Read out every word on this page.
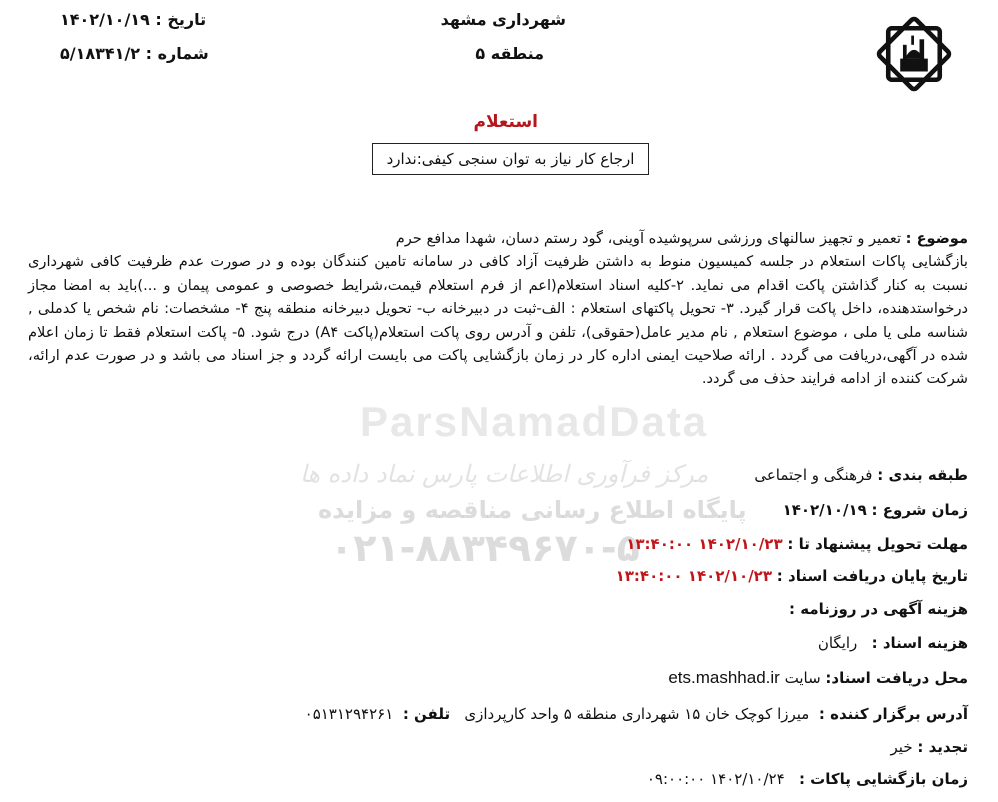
شهرداری مشهد
منطقه ۵
تاریخ : ۱۴۰۲/۱۰/۱۹
شماره : ۵/۱۸۳۴۱/۲
استعلام
ارجاع کار نیاز به توان سنجی کیفی:ندارد
ParsNamadData
مرکز فرآوری اطلاعات پارس نماد داده ها
پایگاه اطلاع رسانی مناقصه و مزایده
۰۲۱-۸۸۳۴۹۶۷۰-۵
موضوع : تعمیر و تجهیز سالنهای ورزشی سرپوشیده آوینی، گود رستم دسان، شهدا مدافع حرم
بازگشایی پاکات استعلام در جلسه کمیسیون منوط به داشتن ظرفیت آزاد کافی در سامانه تامین کنندگان بوده و در صورت عدم ظرفیت کافی شهرداری نسبت به کنار گذاشتن پاکت اقدام می نماید. ۲-کلیه اسناد استعلام(اعم از فرم استعلام قیمت،شرایط خصوصی و عمومی پیمان و ...)باید به امضا مجاز درخواستدهنده، داخل پاکت قرار گیرد. ۳- تحویل پاکتهای استعلام : الف-ثبت در دبیرخانه ب- تحویل دبیرخانه منطقه پنج ۴- مشخصات: نام شخص یا کدملی , شناسه ملی یا ملی ، موضوع استعلام , نام مدیر عامل(حقوقی)، تلفن و آدرس روی پاکت استعلام(پاکت A۴) درج شود. ۵- پاکت استعلام فقط تا زمان اعلام شده در آگهی،دریافت می گردد . ارائه صلاحیت ایمنی اداره کار در زمان بازگشایی پاکت می بایست ارائه گردد و جز اسناد می باشد و در صورت عدم ارائه، شرکت کننده از ادامه فرایند حذف می گردد.
طبقه بندی : فرهنگی و اجتماعی
زمان شروع : ۱۴۰۲/۱۰/۱۹
مهلت تحویل پیشنهاد تا : ۱۴۰۲/۱۰/۲۳ ۱۳:۴۰:۰۰
تاریخ پایان دریافت اسناد : ۱۴۰۲/۱۰/۲۳ ۱۳:۴۰:۰۰
هزینه آگهی در روزنامه :
هزینه اسناد :   رایگان
محل دریافت اسناد: سایت ets.mashhad.ir
آدرس برگزار کننده :  میرزا کوچک خان ۱۵ شهرداری منطقه ۵ واحد کارپردازی   تلفن :  ۰۵۱۳۱۲۹۴۲۶۱
تجدید : خیر
زمان بازگشایی پاکات :   ۱۴۰۲/۱۰/۲۴ ۰۹:۰۰:۰۰
